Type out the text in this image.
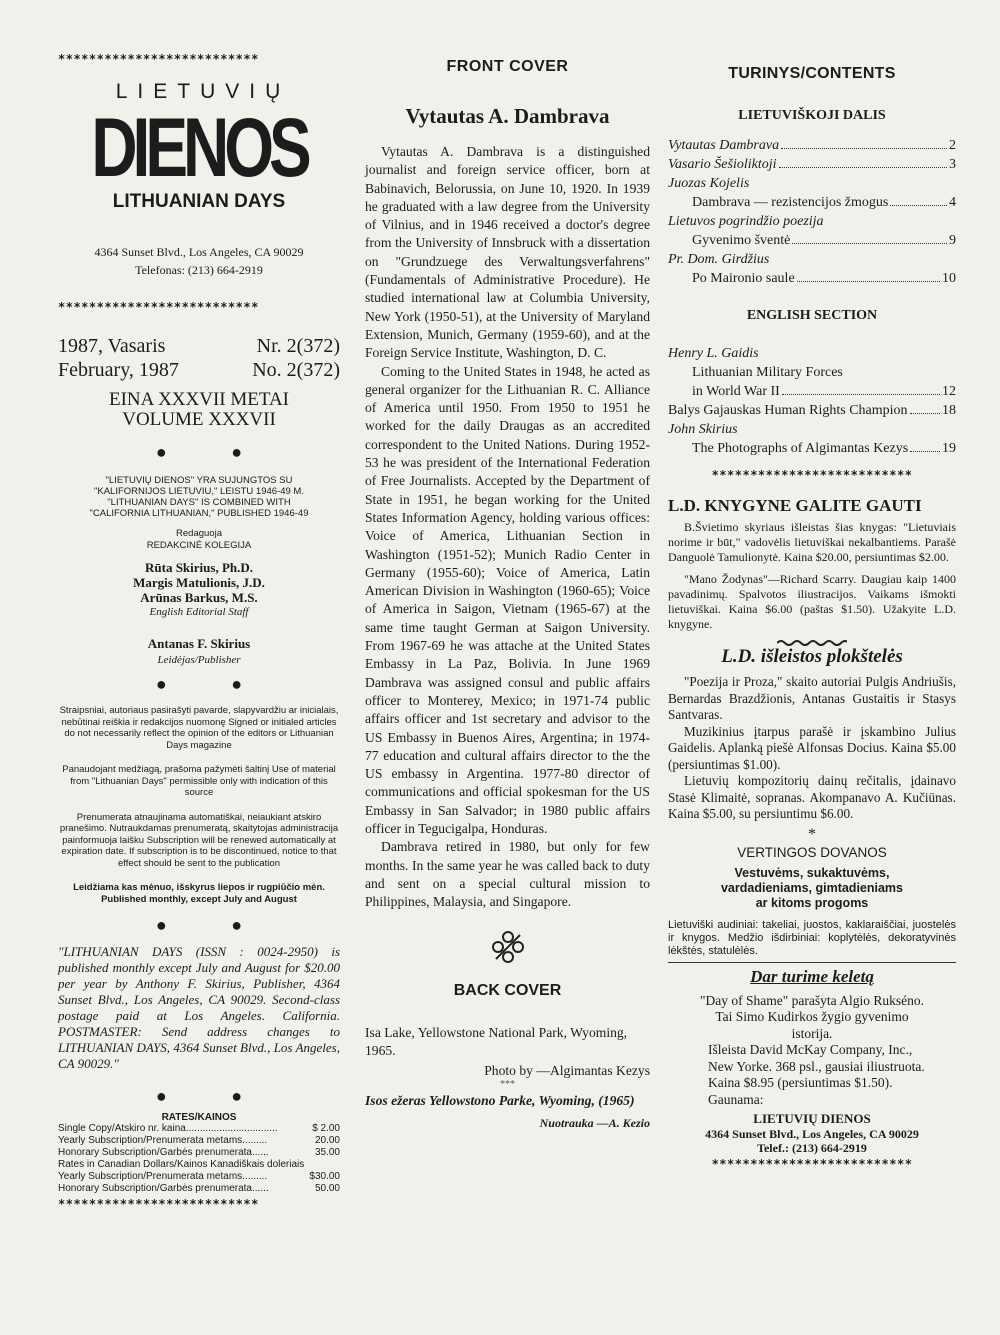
**************************
LIETUVIŲ
DIENOS
LITHUANIAN DAYS
4364 Sunset Blvd., Los Angeles, CA 90029
Telefonas: (213) 664-2919
**************************
1987, Vasaris	Nr. 2(372)
February, 1987	No. 2(372)
EINA XXXVII METAI
VOLUME XXXVII
● ●
"LIETUVIŲ DIENOS" YRA SUJUNGTOS SU
"KALIFORNIJOS LIETUVIU," LEISTU 1946-49 M.
"LITHUANIAN DAYS" IS COMBINED WITH
"CALIFORNIA LITHUANIAN," PUBLISHED 1946-49
Redaguoja
REDAKCINĖ KOLEGIJA
Rūta Skirius, Ph.D.
Margis Matulionis, J.D.
Arūnas Barkus, M.S.
English Editorial Staff
Antanas F. Skirius
Leidėjas/Publisher
● ●

Straipsniai, autoriaus pasirašyti pavarde, slapyvardžiu ar inicialais, nebūtinai reiškia ir redakcijos nuomonę Signed or initialed articles do not necessarily reflect the opinion of the editors or Lithuanian Days magazine

Panaudojant medžiagą, prašoma pažymėti šaltinį Use of material from "Lithuanian Days" permissible only with indication of this source

Prenumerata atnaujinama automatiškai, neiaukiant atskiro pranešimo. Nutraukdamas prenumeratą, skaitytojas administracija painformuoja laišku Subscription will be renewed automatically at expiration date. If subscription is to be discontinued, notice to that effect should be sent to the publication

Leidžiama kas mėnuo, išskyrus liepos ir rugpiūčio mėn.

Published monthly, except July and August

● ●

"LITHUANIAN DAYS (ISSN : 0024-2950) is published monthly except July and August for $20.00 per year by Anthony F. Skirius, Publisher, 4364 Sunset Blvd., Los Angeles, CA 90029. Second-class postage paid at Los Angeles. California. POSTMASTER: Send address changes to LITHUANIAN DAYS, 4364 Sunset Blvd., Los Angeles, CA 90029."

● ●
RATES/KAINOS
Single Copy/Atskiro nr. kaina.................................	$ 2.00
Yearly Subscription/Prenumerata metams.........	20.00
Honorary Subscription/Garbės prenumerata......	35.00
Rates in Canadian Dollars/Kainos Kanadiškais doleriais
Yearly Subscription/Prenumerata metams.........	$30.00
Honorary Subscription/Garbės prenumerata......	50.00
**************************
FRONT COVER
Vytautas A. Dambrava

Vytautas A. Dambrava is a distinguished journalist and foreign service officer, born at Babinavich, Belorussia, on June 10, 1920. In 1939 he graduated with a law degree from the University of Vilnius, and in 1946 received a doctor's degree from the University of Innsbruck with a dissertation on "Grundzuege des Verwaltungsverfahrens" (Fundamentals of Administrative Procedure). He studied international law at Columbia University, New York (1950-51), at the University of Maryland Extension, Munich, Germany (1959-60), and at the Foreign Service Institute, Washington, D. C.

Coming to the United States in 1948, he acted as general organizer for the Lithuanian R. C. Alliance of America until 1950. From 1950 to 1951 he worked for the daily Draugas as an accredited correspondent to the United Nations. During 1952-53 he was president of the International Federation of Free Journalists. Accepted by the Department of State in 1951, he began working for the United States Information Agency, holding various offices: Voice of America, Lithuanian Section in Washington (1951-52); Munich Radio Center in Germany (1955-60); Voice of America, Latin American Division in Washington (1960-65); Voice of America in Saigon, Vietnam (1965-67) at the same time taught German at Saigon University. From 1967-69 he was attache at the United States Embassy in La Paz, Bolivia. In June 1969 Dambrava was assigned consul and public affairs officer to Monterey, Mexico; in 1971-74 public affairs officer and 1st secretary and advisor to the US Embassy in Buenos Aires, Argentina; in 1974-77 education and cultural affairs director to the the US embassy in Argentina. 1977-80 director of communications and official spokesman for the US Embassy in San Salvador; in 1980 public affairs officer in Tegucigalpa, Honduras.

Dambrava retired in 1980, but only for few months. In the same year he was called back to duty and sent on a special cultural mission to Philippines, Malaysia, and Singapore.

BACK COVER

Isa Lake, Yellowstone National Park, Wyoming, 1965.

Photo by —Algimantas Kezys
***

Isos ežeras Yellowstono Parke, Wyoming, (1965)

Nuotrauka —A. Kezio
TURINYS/CONTENTS
LIETUVIŠKOJI DALIS
Vytautas Dambrava	2
Vasario Šešioliktoji	3
Juozas Kojelis
Dambrava — rezistencijos žmogus	4
Lietuvos pogrindžio poezija
Gyvenimo šventė	9
Pr. Dom. Girdžius
Po Maironio saule	10
ENGLISH SECTION
Henry L. Gaidis
Lithuanian Military Forces
in World War II	12
Balys Gajauskas Human Rights Champion 18
John Skirius
The Photographs of Algimantas Kezys 19
**************************
L.D. KNYGYNE GALITE GAUTI

B.Švietimo skyriaus išleistas šias knygas: "Lietuviais norime ir būt," vadovėlis lietuviškai nekalbantiems. Parašė Danguolė Tamulionytė. Kaina $20.00, persiuntimas $2.00.

"Mano Žodynas"—Richard Scarry. Daugiau kaip 1400 pavadinimų. Spalvotos iliustracijos. Vaikams išmokti lietuviškai. Kaina $6.00 (paštas $1.50). Užakyite L.D. knygyne.

L.D. išleistos plokštelės

"Poezija ir Proza," skaito autoriai Pulgis Andriušis, Bernardas Brazdžionis, Antanas Gustaitis ir Stasys Santvaras.

Muzikinius įtarpus parašė ir įskambino Julius Gaidelis. Aplanką piešė Alfonsas Docius. Kaina $5.00 (persiuntimas $1.00).

Lietuvių kompozitorių dainų rečitalis, įdainavo Stasė Klimaitė, sopranas. Akompanavo A. Kučiūnas. Kaina $5.00, su persiuntimu $6.00.

*
VERTINGOS DOVANOS
Vestuvėms, sukaktuvėms,
vardadieniams, gimtadieniams
ar kitoms progoms

Lietuviški audiniai: takeliai, juostos, kaklaraiščiai, juostelės ir knygos. Medžio išdirbiniai: koplytėlės, dekoratyvinės lėkštės, statulėlės.

Dar turime keletą

"Day of Shame" parašyta Algio Rukséno. Tai Simo Kudirkos žygio gyvenimo istorija.

Išleista David McKay Company, Inc., New Yorke. 368 psl., gausiai iliustruota. Kaina $8.95 (persiuntimas $1.50). Gaunama:

LIETUVIŲ DIENOS
4364 Sunset Blvd., Los Angeles, CA 90029
Telef.: (213) 664-2919
**************************
